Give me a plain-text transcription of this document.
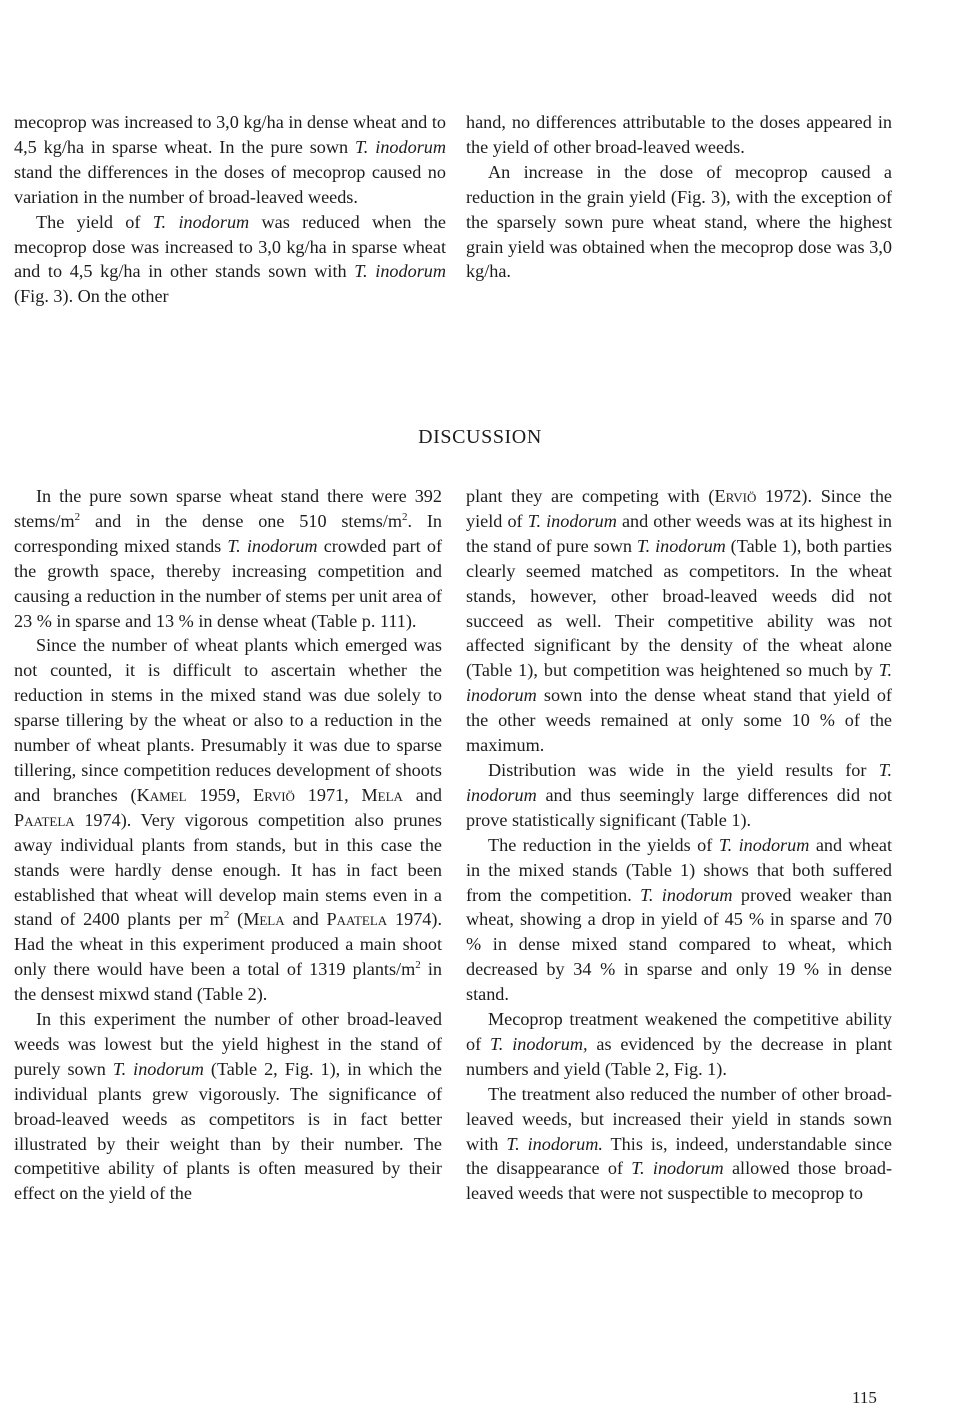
mecoprop was increased to 3,0 kg/ha in dense wheat and to 4,5 kg/ha in sparse wheat. In the pure sown T. inodorum stand the differences in the doses of mecoprop caused no variation in the number of broad-leaved weeds.

The yield of T. inodorum was reduced when the mecoprop dose was increased to 3,0 kg/ha in sparse wheat and to 4,5 kg/ha in other stands sown with T. inodorum (Fig. 3). On the other

hand, no differences attributable to the doses appeared in the yield of other broad-leaved weeds.

An increase in the dose of mecoprop caused a reduction in the grain yield (Fig. 3), with the exception of the sparsely sown pure wheat stand, where the highest grain yield was obtained when the mecoprop dose was 3,0 kg/ha.

DISCUSSION

In the pure sown sparse wheat stand there were 392 stems/$m^2$ and in the dense one 510 stems/$m^2$. In corresponding mixed stands T. inodorum crowded part of the growth space, thereby increasing competition and causing a reduction in the number of stems per unit area of 23 % in sparse and 13 % in dense wheat (Table p. 111).

Since the number of wheat plants which emerged was not counted, it is difficult to ascertain whether the reduction in stems in the mixed stand was due solely to sparse tillering by the wheat or also to a reduction in the number of wheat plants. Presumably it was due to sparse tillering, since competition reduces development of shoots and branches (Kamel 1959, Erviö 1971, Mela and Paatela 1974). Very vigorous competition also prunes away individual plants from stands, but in this case the stands were hardly dense enough. It has in fact been established that wheat will develop main stems even in a stand of 2400 plants per $m^2$ (Mela and Paatela 1974). Had the wheat in this experiment produced a main shoot only there would have been a total of 1319 plants/$m^2$ in the densest mixwd stand (Table 2).

In this experiment the number of other broad-leaved weeds was lowest but the yield highest in the stand of purely sown T. inodorum (Table 2, Fig. 1), in which the individual plants grew vigorously. The significance of broad-leaved weeds as competitors is in fact better illustrated by their weight than by their number. The competitive ability of plants is often measured by their effect on the yield of the

plant they are competing with (Erviö 1972). Since the yield of T. inodorum and other weeds was at its highest in the stand of pure sown T. inodorum (Table 1), both parties clearly seemed matched as competitors. In the wheat stands, however, other broad-leaved weeds did not succeed as well. Their competitive ability was not affected significant by the density of the wheat alone (Table 1), but competition was heightened so much by T. inodorum sown into the dense wheat stand that yield of the other weeds remained at only some 10 % of the maximum.

Distribution was wide in the yield results for T. inodorum and thus seemingly large differences did not prove statistically significant (Table 1).

The reduction in the yields of T. inodorum and wheat in the mixed stands (Table 1) shows that both suffered from the competition. T. inodorum proved weaker than wheat, showing a drop in yield of 45 % in sparse and 70 % in dense mixed stand compared to wheat, which decreased by 34 % in sparse and only 19 % in dense stand.

Mecoprop treatment weakened the competitive ability of T. inodorum, as evidenced by the decrease in plant numbers and yield (Table 2, Fig. 1).

The treatment also reduced the number of other broad-leaved weeds, but increased their yield in stands sown with T. inodorum. This is, indeed, understandable since the disappearance of T. inodorum allowed those broad-leaved weeds that were not suspectible to mecoprop to

115
